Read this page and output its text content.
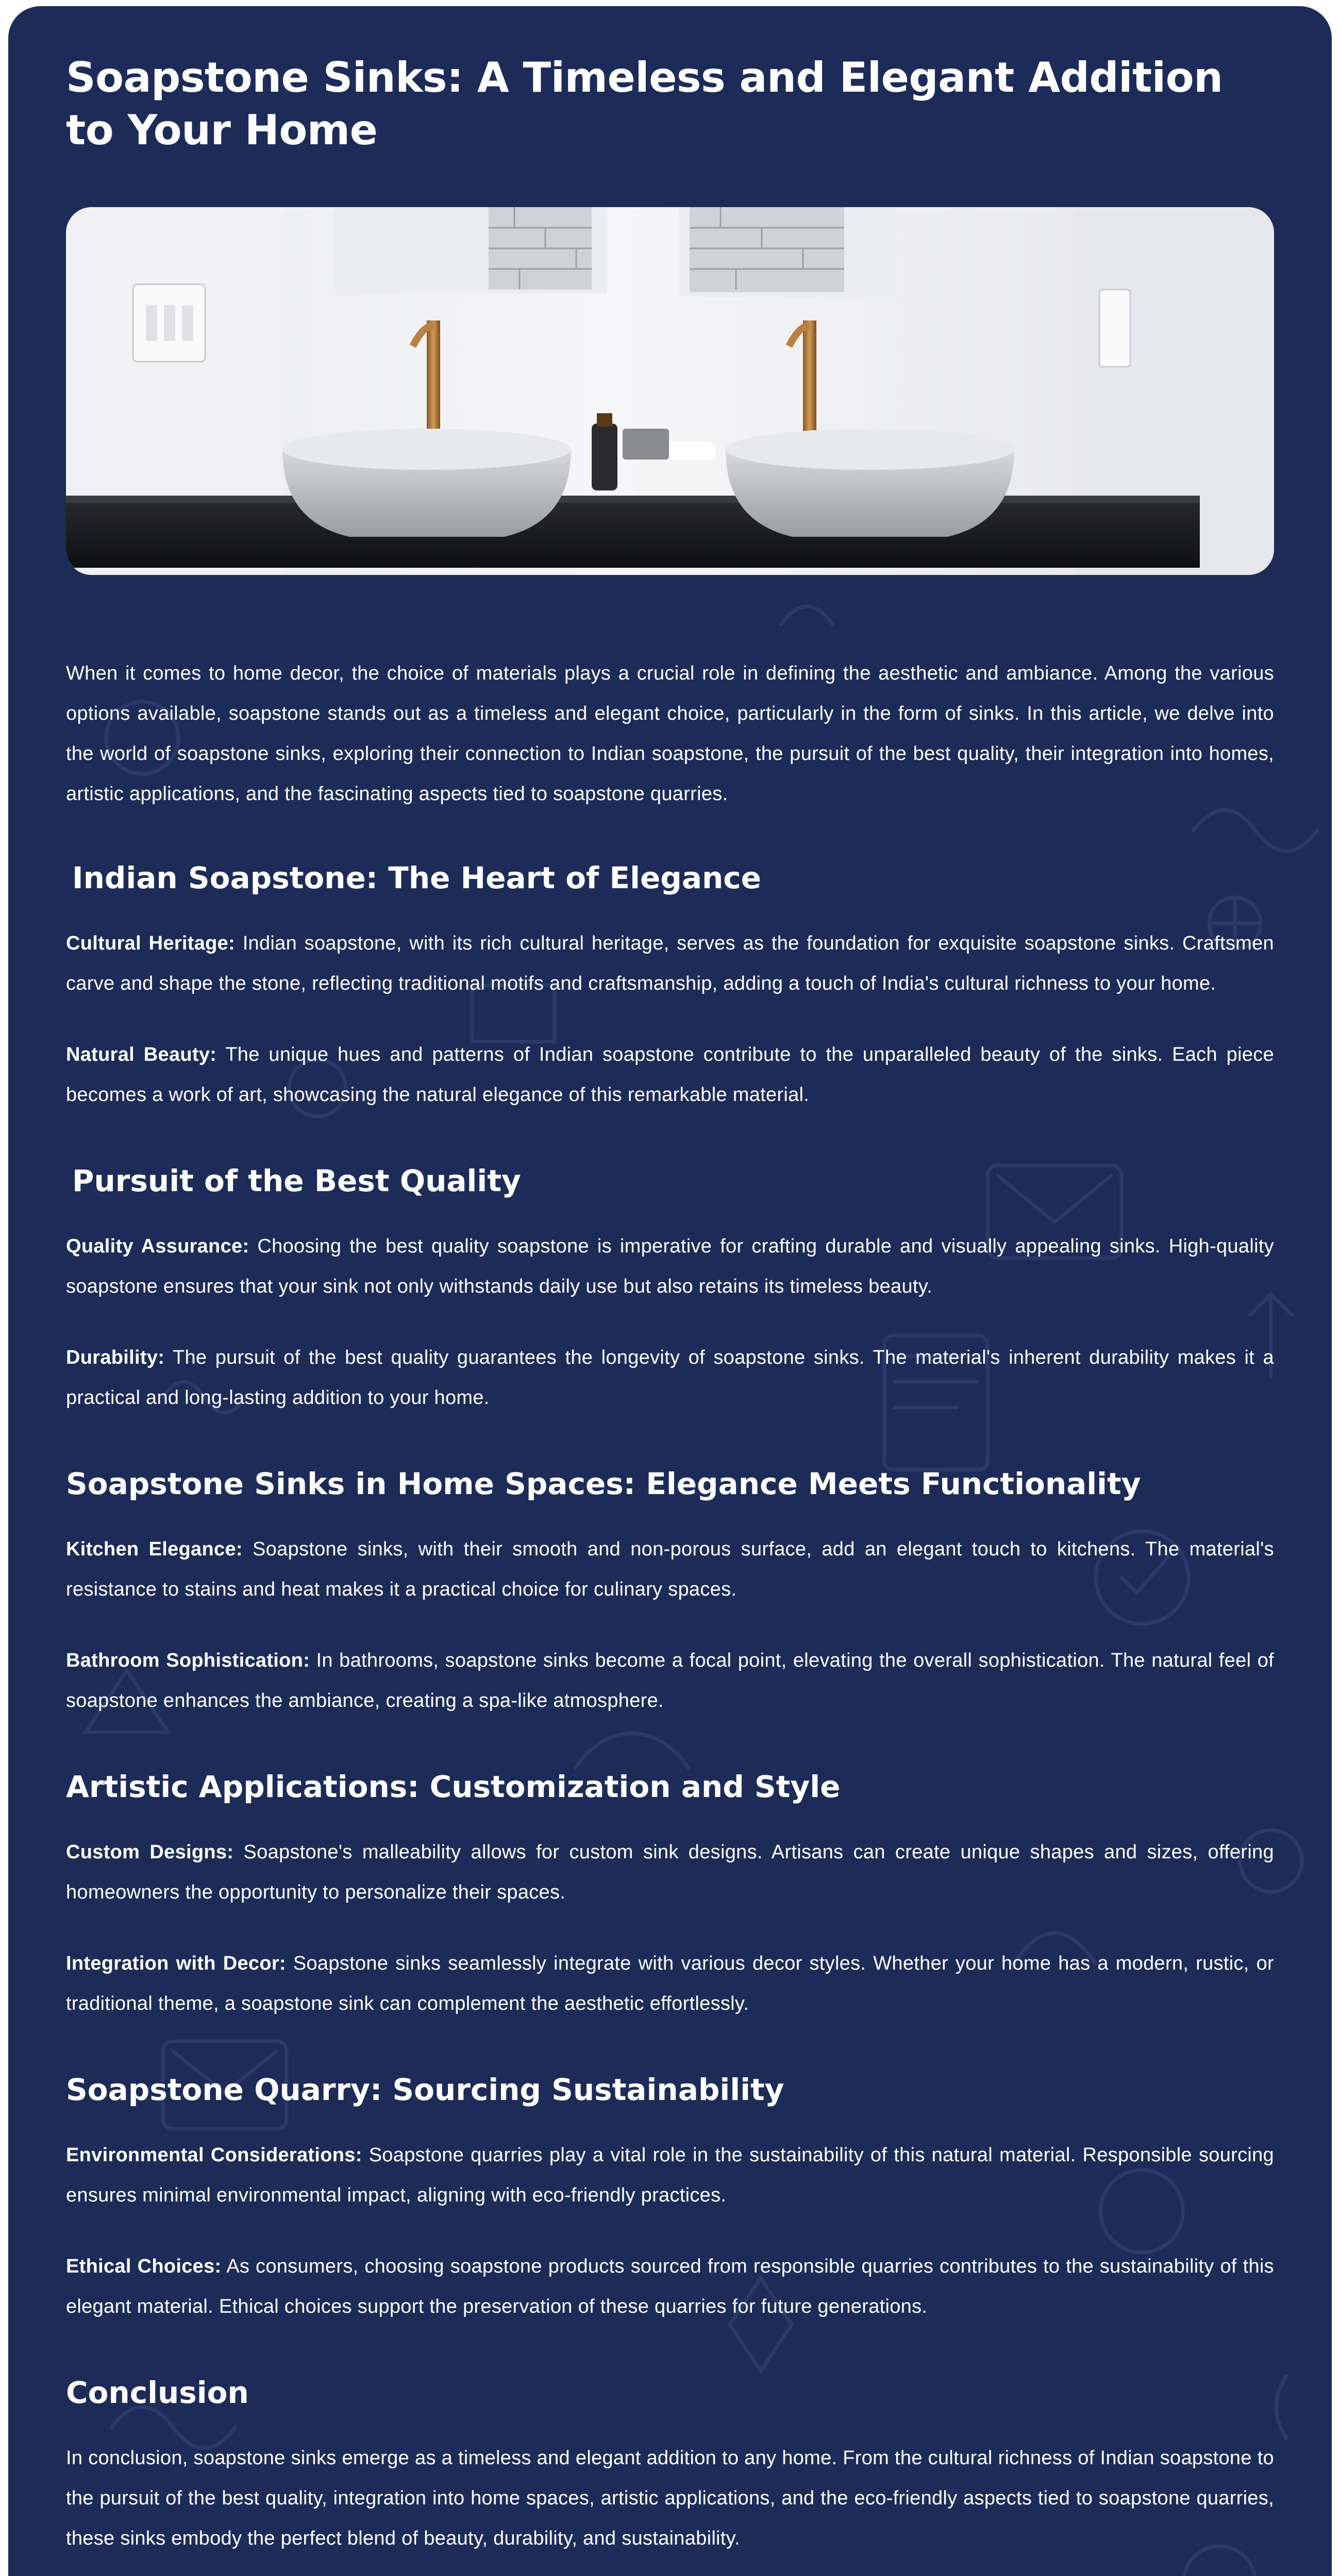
Soapstone Sinks: A Timeless and Elegant Addition to Your Home

When it comes to home decor, the choice of materials plays a crucial role in defining the aesthetic and ambiance. Among the various options available, soapstone stands out as a timeless and elegant choice, particularly in the form of sinks. In this article, we delve into the world of soapstone sinks, exploring their connection to Indian soapstone, the pursuit of the best quality, their integration into homes, artistic applications, and the fascinating aspects tied to soapstone quarries.

Indian Soapstone: The Heart of Elegance

Cultural Heritage: Indian soapstone, with its rich cultural heritage, serves as the foundation for exquisite soapstone sinks. Craftsmen carve and shape the stone, reflecting traditional motifs and craftsmanship, adding a touch of India's cultural richness to your home.

Natural Beauty: The unique hues and patterns of Indian soapstone contribute to the unparalleled beauty of the sinks. Each piece becomes a work of art, showcasing the natural elegance of this remarkable material.

Pursuit of the Best Quality

Quality Assurance: Choosing the best quality soapstone is imperative for crafting durable and visually appealing sinks. High-quality soapstone ensures that your sink not only withstands daily use but also retains its timeless beauty.

Durability: The pursuit of the best quality guarantees the longevity of soapstone sinks. The material's inherent durability makes it a practical and long-lasting addition to your home.

Soapstone Sinks in Home Spaces: Elegance Meets Functionality

Kitchen Elegance: Soapstone sinks, with their smooth and non-porous surface, add an elegant touch to kitchens. The material's resistance to stains and heat makes it a practical choice for culinary spaces.

Bathroom Sophistication: In bathrooms, soapstone sinks become a focal point, elevating the overall sophistication. The natural feel of soapstone enhances the ambiance, creating a spa-like atmosphere.

Artistic Applications: Customization and Style

Custom Designs: Soapstone's malleability allows for custom sink designs. Artisans can create unique shapes and sizes, offering homeowners the opportunity to personalize their spaces.

Integration with Decor: Soapstone sinks seamlessly integrate with various decor styles. Whether your home has a modern, rustic, or traditional theme, a soapstone sink can complement the aesthetic effortlessly.

Soapstone Quarry: Sourcing Sustainability

Environmental Considerations: Soapstone quarries play a vital role in the sustainability of this natural material. Responsible sourcing ensures minimal environmental impact, aligning with eco-friendly practices.

Ethical Choices: As consumers, choosing soapstone products sourced from responsible quarries contributes to the sustainability of this elegant material. Ethical choices support the preservation of these quarries for future generations.

Conclusion

In conclusion, soapstone sinks emerge as a timeless and elegant addition to any home. From the cultural richness of Indian soapstone to the pursuit of the best quality, integration into home spaces, artistic applications, and the eco-friendly aspects tied to soapstone quarries, these sinks embody the perfect blend of beauty, durability, and sustainability.
